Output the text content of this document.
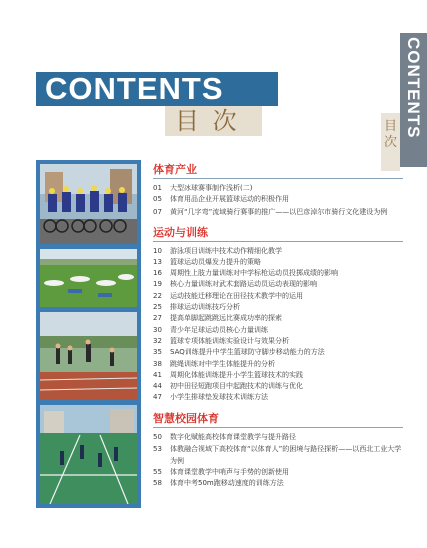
CONTENTS
目次
CONTENTS
目 次
体育产业
01 大型冰球赛事制作浅析(二)
05 体育用品企业开展篮球运动的积极作用
07 黄河“几字弯”流域骑行赛事的推广——以巴彦淖尔市骑行文化建设为例
运动与训练
10 游泳项目训练中技术动作精细化教学
13 篮球运动员爆发力提升的策略
16 周期性上肢力量训练对中学标枪运动员投掷成绩的影响
19 核心力量训练对武术套路运动员运动表现的影响
22 运动技能迁移理论在田径技术教学中的运用
25 排球运动训练技巧分析
27 提高单脚起跳跳远比赛成功率的探索
30 青少年足球运动员核心力量训练
32 篮球专项体能训练实验设计与效果分析
35 SAQ训练提升中学生篮球防守脚步移动能力的方法
38 跳绳训练对中学生体能提升的分析
41 周期化体能训练提升小学生篮球技术的实践
44 初中田径短跑项目中起跑技术的训练与优化
47 小学生排球垫发球技术训练方法
智慧校园体育
50 数字化赋能高校体育课堂教学与提升路径
53 体教融合视域下高校体育“以体育人”的困境与路径探析——以西北工业大学为例
55 体育课堂教学中哨声与手势的创新使用
58 体育中考50m跑移动速度的训练方法
